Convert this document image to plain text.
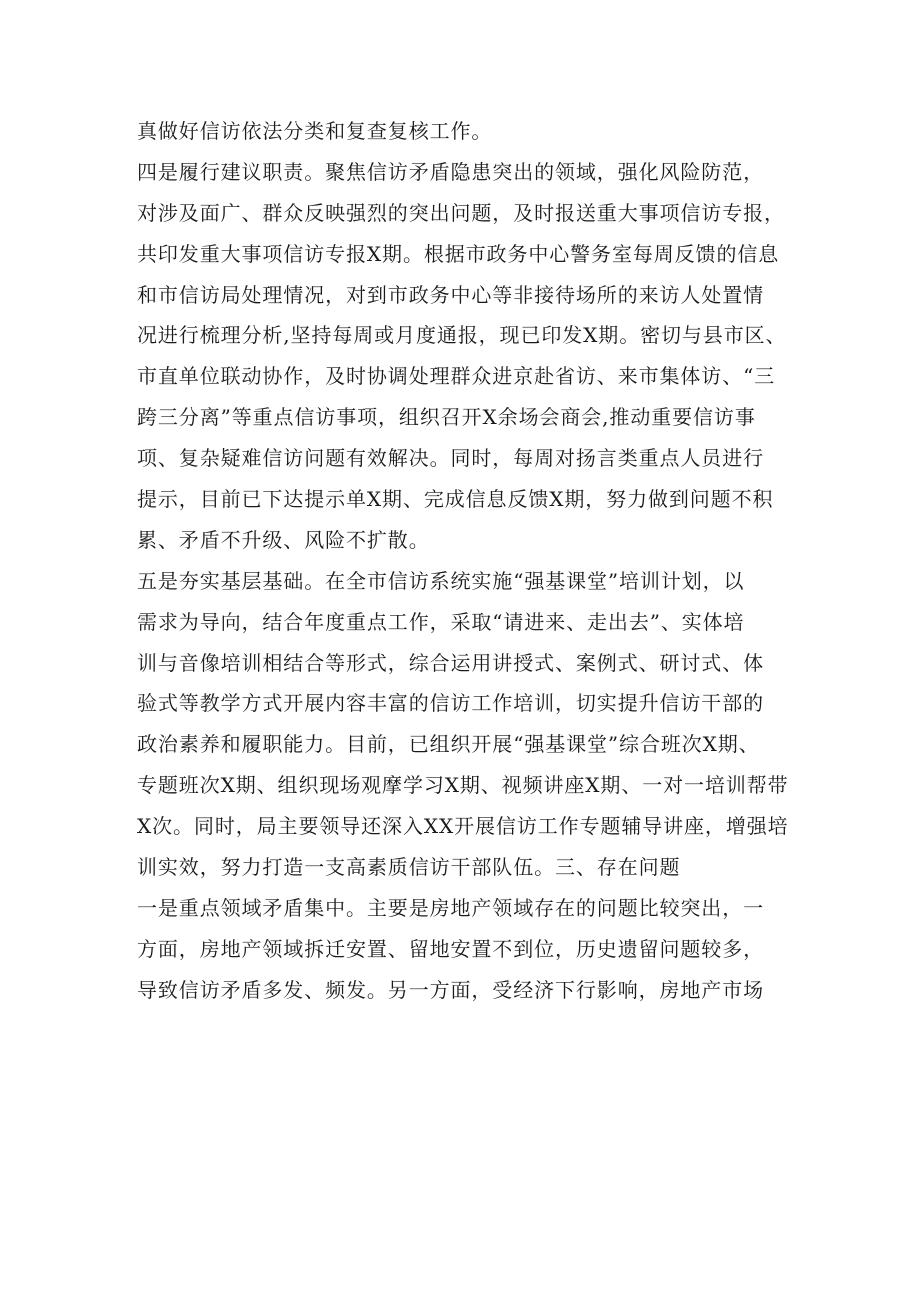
真做好信访依法分类和复查复核工作。
四是履行建议职责。聚焦信访矛盾隐患突出的领域，强化风险防范，
对涉及面广、群众反映强烈的突出问题，及时报送重大事项信访专报，
共印发重大事项信访专报X期。根据市政务中心警务室每周反馈的信息
和市信访局处理情况，对到市政务中心等非接待场所的来访人处置情
况进行梳理分析,坚持每周或月度通报，现已印发X期。密切与县市区、
市直单位联动协作，及时协调处理群众进京赴省访、来市集体访、“三
跨三分离”等重点信访事项，组织召开X余场会商会,推动重要信访事
项、复杂疑难信访问题有效解决。同时，每周对扬言类重点人员进行
提示，目前已下达提示单X期、完成信息反馈X期，努力做到问题不积
累、矛盾不升级、风险不扩散。
五是夯实基层基础。在全市信访系统实施“强基课堂”培训计划，以
需求为导向，结合年度重点工作，采取“请进来、走出去”、实体培
训与音像培训相结合等形式，综合运用讲授式、案例式、研讨式、体
验式等教学方式开展内容丰富的信访工作培训，切实提升信访干部的
政治素养和履职能力。目前，已组织开展“强基课堂”综合班次X期、
专题班次X期、组织现场观摩学习X期、视频讲座X期、一对一培训帮带
X次。同时，局主要领导还深入XX开展信访工作专题辅导讲座，增强培
训实效，努力打造一支高素质信访干部队伍。三、存在问题
一是重点领域矛盾集中。主要是房地产领域存在的问题比较突出，一
方面，房地产领域拆迁安置、留地安置不到位，历史遗留问题较多，
导致信访矛盾多发、频发。另一方面，受经济下行影响，房地产市场
